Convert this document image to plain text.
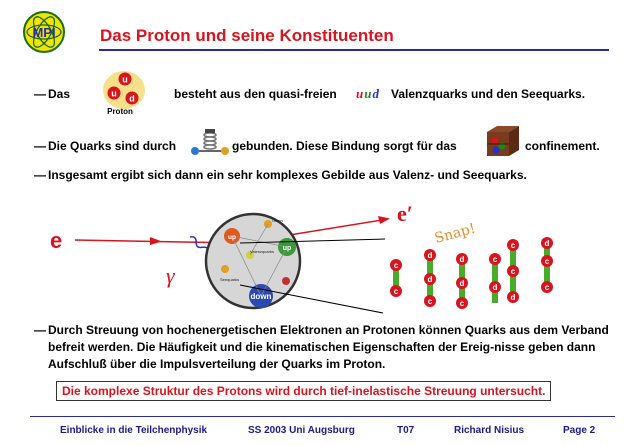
MPI	Das Proton und seine Konstituenten
— Das
u
u d
Proton
besteht aus den quasi-freien uud Valenzquarks und den Seequarks.
— Die Quarks sind durch	gebunden. Diese Bindung sorgt für das	confinement.
— Insgesamt ergibt sich dann ein sehr komplexes Gebilde aus Valenz- und Seequarks.
e
e′
γ
up
up
down
Gluon
Valenzquarks
Seequarks
Snap!
c
c
d
d
c
d
d
c
c
d
c
c
d
d
c
c
— Durch Streuung von hochenergetischen Elektronen an Protonen können Quarks aus dem Verband befreit werden. Die Häufigkeit und die kinematischen Eigenschaften der Ereig-nisse geben dann Aufschluß über die Impulsverteilung der Quarks im Proton.
Die komplexe Struktur des Protons wird durch tief-inelastische Streuung untersucht.
Einblicke in die Teilchenphysik	SS 2003 Uni Augsburg	T07	Richard Nisius	Page 2
